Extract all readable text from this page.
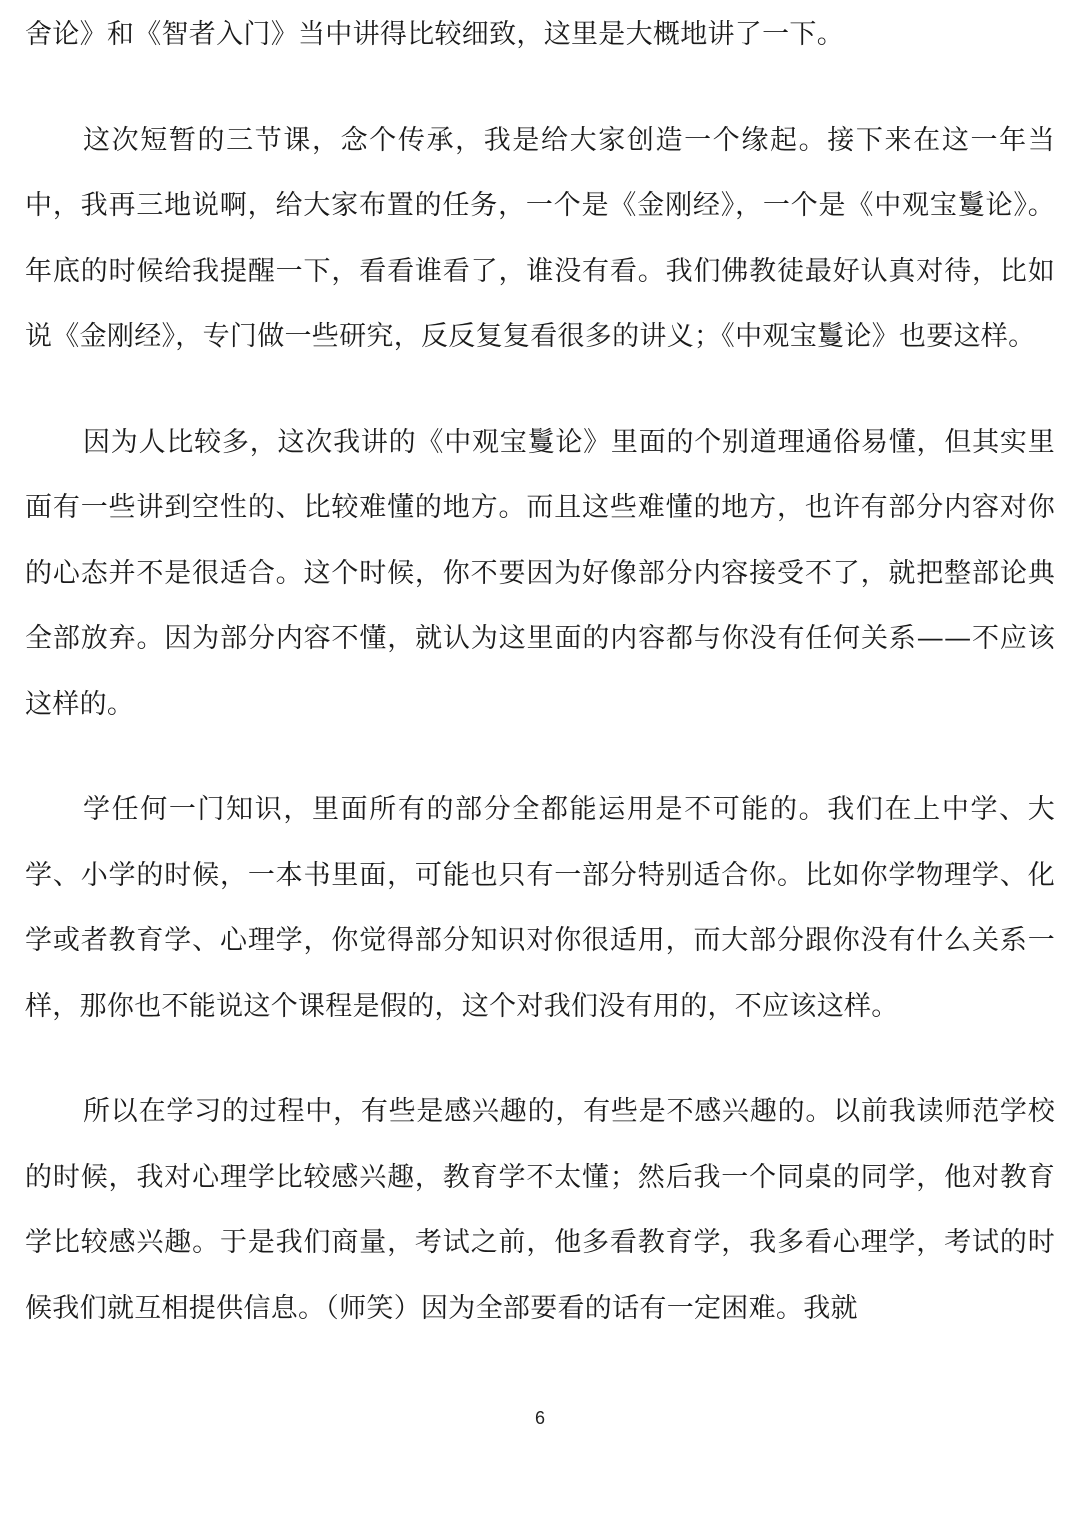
舍论》和《智者入门》当中讲得比较细致，这里是大概地讲了一下。

这次短暂的三节课，念个传承，我是给大家创造一个缘起。接下来在这一年当中，我再三地说啊，给大家布置的任务，一个是《金刚经》，一个是《中观宝鬘论》。年底的时候给我提醒一下，看看谁看了，谁没有看。我们佛教徒最好认真对待，比如说《金刚经》，专门做一些研究，反反复复看很多的讲义；《中观宝鬘论》也要这样。

因为人比较多，这次我讲的《中观宝鬘论》里面的个别道理通俗易懂，但其实里面有一些讲到空性的、比较难懂的地方。而且这些难懂的地方，也许有部分内容对你的心态并不是很适合。这个时候，你不要因为好像部分内容接受不了，就把整部论典全部放弃。因为部分内容不懂，就认为这里面的内容都与你没有任何关系——不应该这样的。

学任何一门知识，里面所有的部分全都能运用是不可能的。我们在上中学、大学、小学的时候，一本书里面，可能也只有一部分特别适合你。比如你学物理学、化学或者教育学、心理学，你觉得部分知识对你很适用，而大部分跟你没有什么关系一样，那你也不能说这个课程是假的，这个对我们没有用的，不应该这样。

所以在学习的过程中，有些是感兴趣的，有些是不感兴趣的。以前我读师范学校的时候，我对心理学比较感兴趣，教育学不太懂；然后我一个同桌的同学，他对教育学比较感兴趣。于是我们商量，考试之前，他多看教育学，我多看心理学，考试的时候我们就互相提供信息。（师笑）因为全部要看的话有一定困难。我就

6
